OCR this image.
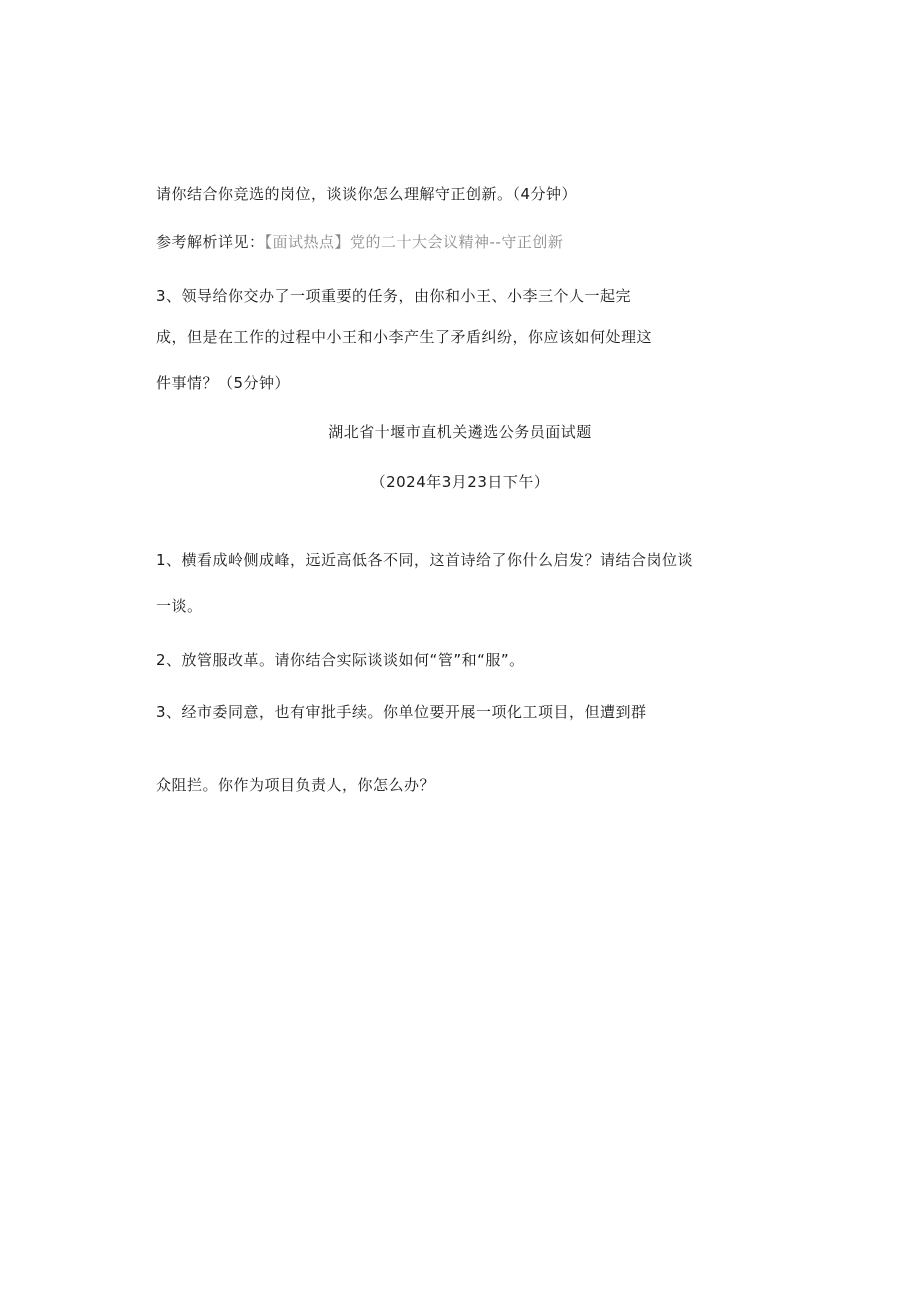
请你结合你竞选的岗位，谈谈你怎么理解守正创新。（4分钟）
参考解析详见：【面试热点】党的二十大会议精神--守正创新
3、领导给你交办了一项重要的任务，由你和小王、小李三个人一起完
成，但是在工作的过程中小王和小李产生了矛盾纠纷，你应该如何处理这
件事情？（5分钟）
湖北省十堰市直机关遴选公务员面试题
（2024年3月23日下午）
1、横看成岭侧成峰，远近高低各不同，这首诗给了你什么启发？请结合岗位谈
一谈。
2、放管服改革。请你结合实际谈谈如何“管”和“服”。
3、经市委同意，也有审批手续。你单位要开展一项化工项目，但遭到群
众阻拦。你作为项目负责人，你怎么办？
